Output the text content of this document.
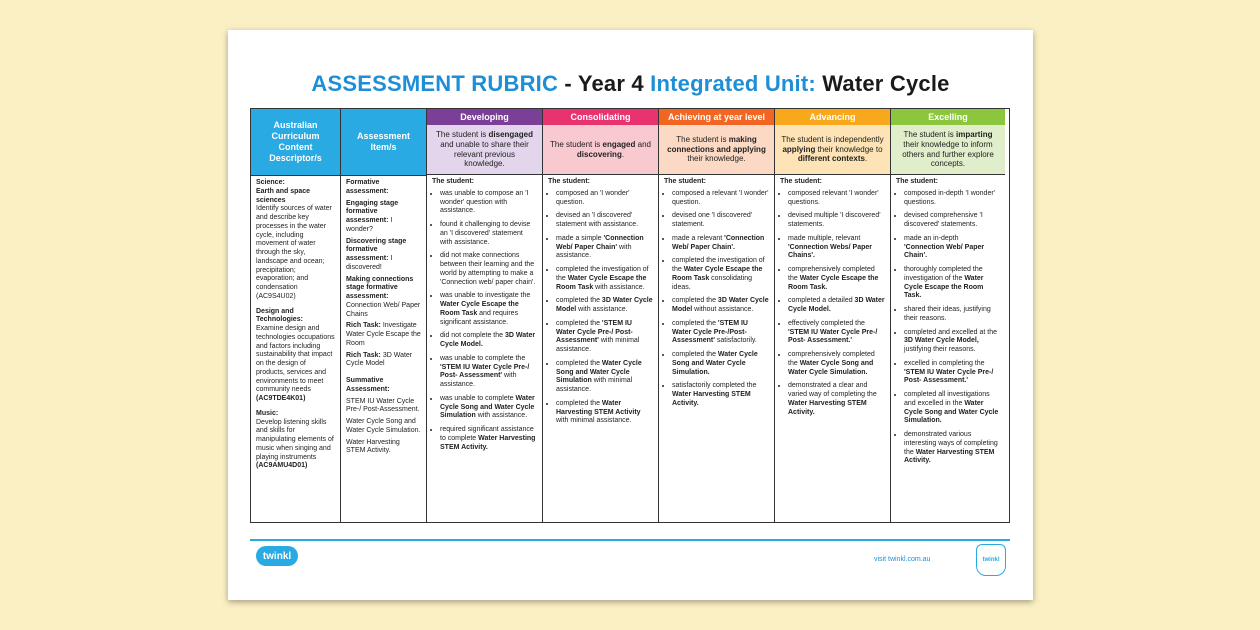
ASSESSMENT RUBRIC - Year 4 Integrated Unit: Water Cycle
Australian Curriculum Content Descriptor/s
Science:
Earth and space sciences
Identify sources of water and describe key processes in the water cycle, including movement of water through the sky, landscape and ocean; precipitation; evaporation; and condensation (AC9S4U02)
Design and Technologies:
Examine design and technologies occupations and factors including sustainability that impact on the design of products, services and environments to meet community needs (AC9TDE4K01)
Music:
Develop listening skills and skills for manipulating elements of music when singing and playing instruments (AC9AMU4D01)
Assessment Item/s

Formative assessment:

Engaging stage formative assessment: I wonder?

Discovering stage formative assessment: I discovered!

Making connections stage formative assessment: Connection Web/ Paper Chains

Rich Task: Investigate Water Cycle Escape the Room

Rich Task: 3D Water Cycle Model

Summative Assessment:

STEM IU Water Cycle Pre-/ Post-Assessment.

Water Cycle Song and Water Cycle Simulation.

Water Harvesting STEM Activity.

Developing
The student is disengaged and unable to share their relevant previous knowledge.

The student:

• was unable to compose an 'I wonder' question with assistance.
• found it challenging to devise an 'I discovered' statement with assistance.
• did not make connections between their learning and the world by attempting to make a 'Connection web/ paper chain'.
• was unable to investigate the Water Cycle Escape the Room Task and requires significant assistance.
• did not complete the 3D Water Cycle Model.
• was unable to complete the 'STEM IU Water Cycle Pre-/ Post- Assessment' with assistance.
• was unable to complete Water Cycle Song and Water Cycle Simulation with assistance.
• required significant assistance to complete Water Harvesting STEM Activity.
Consolidating
The student is engaged and discovering.

The student:

• composed an 'I wonder' question.
• devised an 'I discovered' statement with assistance.
• made a simple 'Connection Web/ Paper Chain' with assistance.
• completed the investigation of the Water Cycle Escape the Room Task with assistance.
• completed the 3D Water Cycle Model with assistance.
• completed the 'STEM IU Water Cycle Pre-/ Post- Assessment' with minimal assistance.
• completed the Water Cycle Song and Water Cycle Simulation with minimal assistance.
• completed the Water Harvesting STEM Activity with minimal assistance.
Achieving at year level
The student is making connections and applying their knowledge.

The student:

• composed a relevant 'I wonder' question.
• devised one 'I discovered' statement.
• made a relevant 'Connection Web/ Paper Chain'.
• completed the investigation of the Water Cycle Escape the Room Task consolidating ideas.
• completed the 3D Water Cycle Model without assistance.
• completed the 'STEM IU Water Cycle Pre-/Post-Assessment' satisfactorily.
• completed the Water Cycle Song and Water Cycle Simulation.
• satisfactorily completed the Water Harvesting STEM Activity.
Advancing
The student is independently applying their knowledge to different contexts.

The student:

• composed relevant 'I wonder' questions.
• devised multiple 'I discovered' statements.
• made multiple, relevant 'Connection Webs/ Paper Chains'.
• comprehensively completed the Water Cycle Escape the Room Task.
• completed a detailed 3D Water Cycle Model.
• effectively completed the 'STEM IU Water Cycle Pre-/ Post- Assessment.'
• comprehensively completed the Water Cycle Song and Water Cycle Simulation.
• demonstrated a clear and varied way of completing the Water Harvesting STEM Activity.
Excelling
The student is imparting their knowledge to inform others and further explore concepts.

The student:

• composed in-depth 'I wonder' questions.
• devised comprehensive 'I discovered' statements.
• made an in-depth 'Connection Web/ Paper Chain'.
• thoroughly completed the investigation of the Water Cycle Escape the Room Task.
• shared their ideas, justifying their reasons.
• completed and excelled at the 3D Water Cycle Model, justifying their reasons.
• excelled in completing the 'STEM IU Water Cycle Pre-/ Post- Assessment.'
• completed all investigations and excelled in the Water Cycle Song and Water Cycle Simulation.
• demonstrated various interesting ways of completing the Water Harvesting STEM Activity.
twinkl	visit twinkl.com.au	twinkl
